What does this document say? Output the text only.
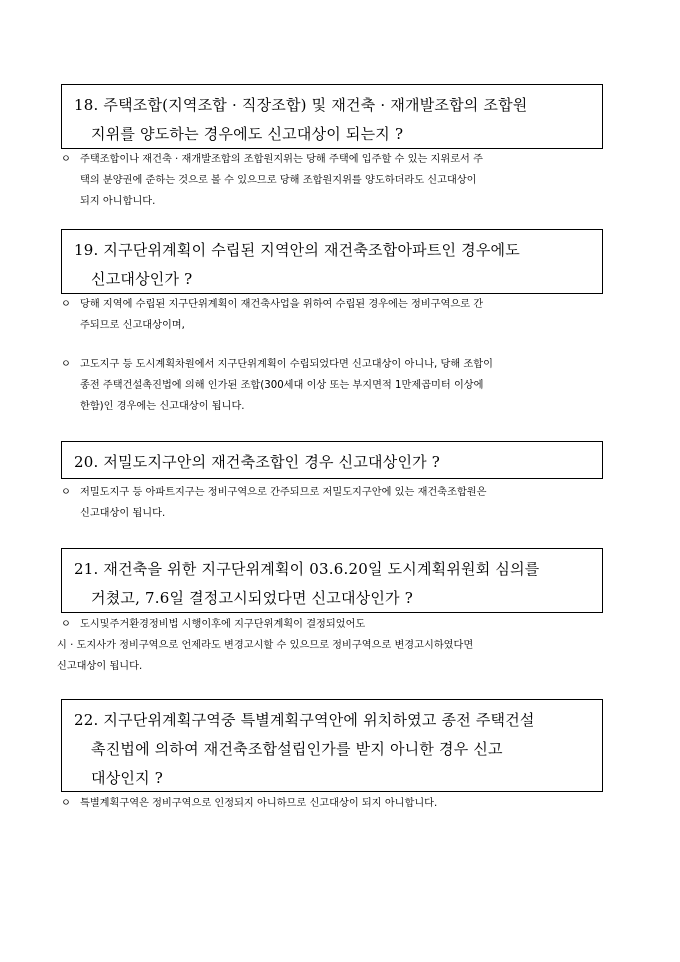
18. 주택조합(지역조합 · 직장조합) 및 재건축 · 재개발조합의 조합원
지위를 양도하는 경우에도 신고대상이 되는지 ?
ㅇ 주택조합이나 재건축 · 재개발조합의 조합원지위는 당해 주택에 입주할 수 있는 지위로서 주
택의 분양권에 준하는 것으로 볼 수 있으므로 당해 조합원지위를 양도하더라도 신고대상이
되지 아니합니다.
19. 지구단위계획이 수립된 지역안의 재건축조합아파트인 경우에도
신고대상인가 ?
ㅇ 당해 지역에 수립된 지구단위계획이 재건축사업을 위하여 수립된 경우에는 정비구역으로 간
주되므로 신고대상이며,
ㅇ 고도지구 등 도시계획차원에서 지구단위계획이 수립되었다면 신고대상이 아니나, 당해 조합이
종전 주택건설촉진법에 의해 인가된 조합(300세대 이상 또는 부지면적 1만제곱미터 이상에
한함)인 경우에는 신고대상이 됩니다.
20. 저밀도지구안의 재건축조합인 경우 신고대상인가 ?
ㅇ 저밀도지구 등 아파트지구는 정비구역으로 간주되므로 저밀도지구안에 있는 재건축조합원은
신고대상이 됩니다.
21. 재건축을 위한 지구단위계획이 03.6.20일 도시계획위원회 심의를
거쳤고, 7.6일 결정고시되었다면 신고대상인가 ?
ㅇ 도시및주거환경정비법 시행이후에 지구단위계획이 결정되었어도
시 · 도지사가 정비구역으로 언제라도 변경고시할 수 있으므로 정비구역으로 변경고시하였다면
신고대상이 됩니다.
22. 지구단위계획구역중 특별계획구역안에 위치하였고 종전 주택건설
촉진법에 의하여 재건축조합설립인가를 받지 아니한 경우 신고
대상인지 ?
ㅇ 특별계획구역은 정비구역으로 인정되지 아니하므로 신고대상이 되지 아니합니다.
